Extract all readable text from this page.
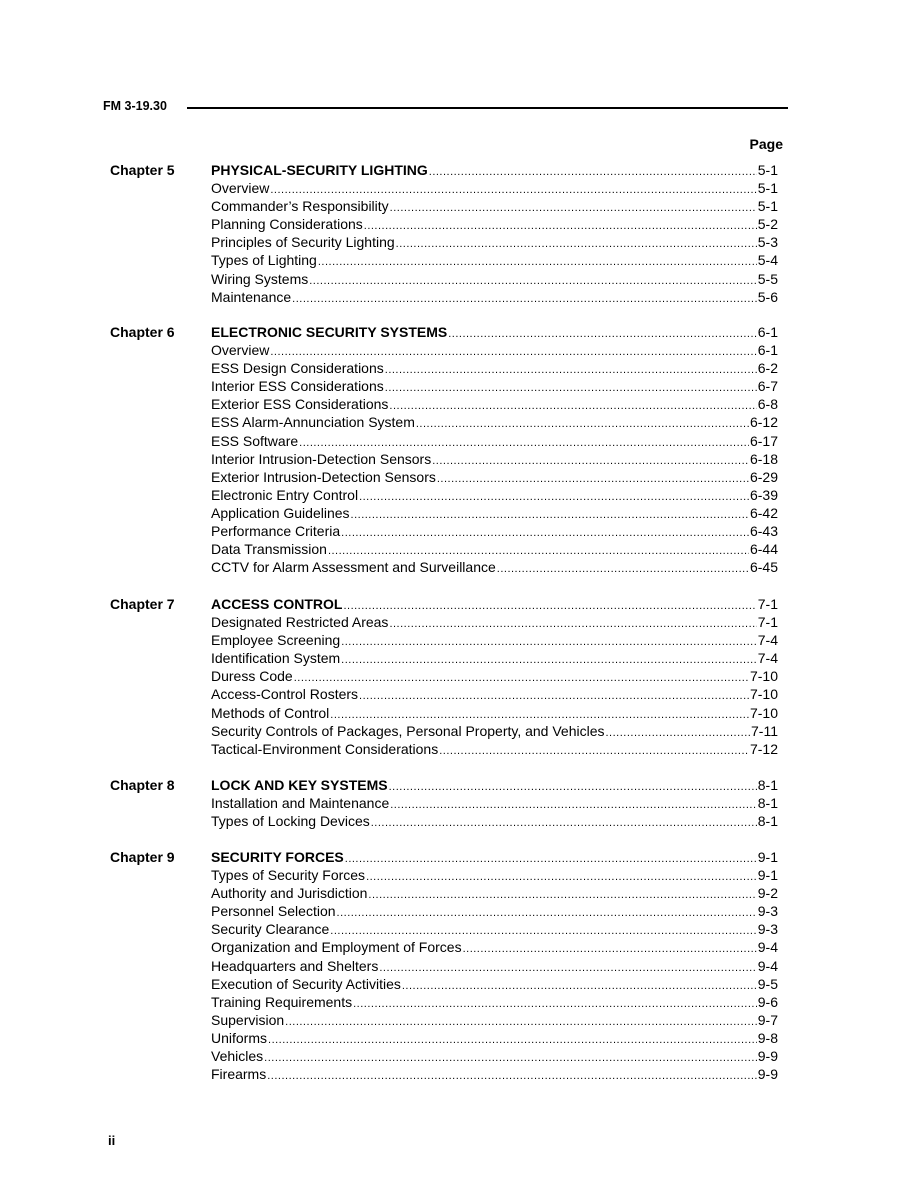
FM 3-19.30
Page
Chapter 5	PHYSICAL-SECURITY LIGHTING .....	5-1
Overview .....	5-1
Commander’s Responsibility .....	5-1
Planning Considerations .....	5-2
Principles of Security Lighting .....	5-3
Types of Lighting .....	5-4
Wiring Systems .....	5-5
Maintenance .....	5-6
Chapter 6	ELECTRONIC SECURITY SYSTEMS .....	6-1
Overview .....	6-1
ESS Design Considerations .....	6-2
Interior ESS Considerations .....	6-7
Exterior ESS Considerations .....	6-8
ESS Alarm-Annunciation System .....	6-12
ESS Software .....	6-17
Interior Intrusion-Detection Sensors .....	6-18
Exterior Intrusion-Detection Sensors .....	6-29
Electronic Entry Control .....	6-39
Application Guidelines .....	6-42
Performance Criteria .....	6-43
Data Transmission .....	6-44
CCTV for Alarm Assessment and Surveillance .....	6-45
Chapter 7	ACCESS CONTROL .....	7-1
Designated Restricted Areas .....	7-1
Employee Screening .....	7-4
Identification System .....	7-4
Duress Code .....	7-10
Access-Control Rosters .....	7-10
Methods of Control .....	7-10
Security Controls of Packages, Personal Property, and Vehicles .....	7-11
Tactical-Environment Considerations .....	7-12
Chapter 8	LOCK AND KEY SYSTEMS .....	8-1
Installation and Maintenance .....	8-1
Types of Locking Devices .....	8-1
Chapter 9	SECURITY FORCES .....	9-1
Types of Security Forces .....	9-1
Authority and Jurisdiction .....	9-2
Personnel Selection .....	9-3
Security Clearance .....	9-3
Organization and Employment of Forces .....	9-4
Headquarters and Shelters .....	9-4
Execution of Security Activities .....	9-5
Training Requirements .....	9-6
Supervision .....	9-7
Uniforms .....	9-8
Vehicles .....	9-9
Firearms .....	9-9
ii
